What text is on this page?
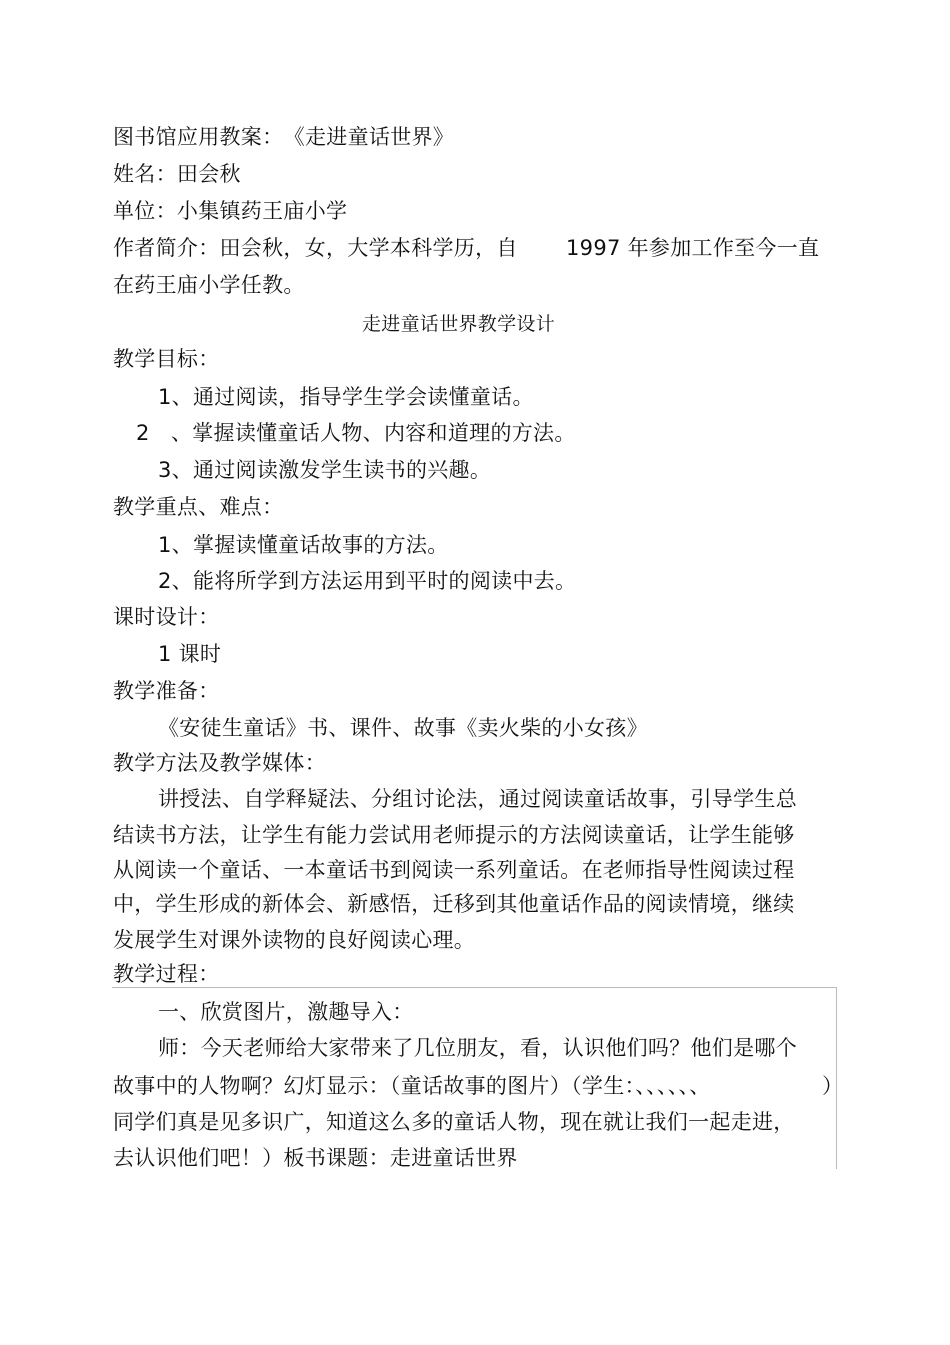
图书馆应用教案：　《走进童话世界》
姓名：田会秋
单位：小集镇药王庙小学
作者简介：田会秋，女，大学本科学历，自 1997 年参加工作至今一直
在药王庙小学任教。
走进童话世界教学设计
教学目标：
1、通过阅读，指导学生学会读懂童话。
2　、掌握读懂童话人物、内容和道理的方法。
3、通过阅读激发学生读书的兴趣。
教学重点、难点：
1、掌握读懂童话故事的方法。
2、能将所学到方法运用到平时的阅读中去。
课时设计：
1 课时
教学准备：
《安徒生童话》书、课件、故事《卖火柴的小女孩》
教学方法及教学媒体：
讲授法、自学释疑法、分组讨论法，通过阅读童话故事，引导学生总
结读书方法，让学生有能力尝试用老师提示的方法阅读童话，让学生能够
从阅读一个童话、一本童话书到阅读一系列童话。在老师指导性阅读过程
中，学生形成的新体会、新感悟，迁移到其他童话作品的阅读情境，继续
发展学生对课外读物的良好阅读心理。
教学过程：
一、欣赏图片，激趣导入：
师：今天老师给大家带来了几位朋友，看，认识他们吗？他们是哪个
故事中的人物啊？幻灯显示：（童话故事的图片）（学生：、、、、、、	）
同学们真是见多识广，知道这么多的童话人物，现在就让我们一起走进，
去认识他们吧！）板书课题：走进童话世界
